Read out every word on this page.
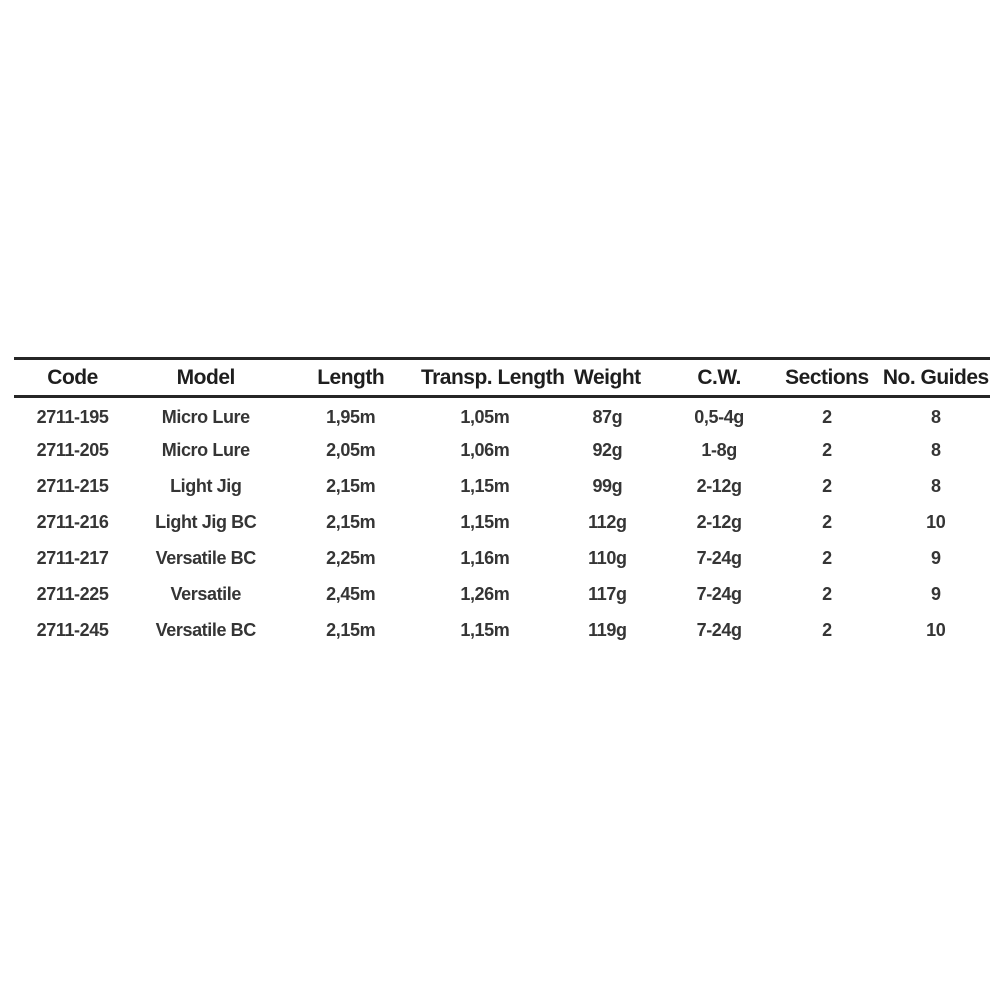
Code	Model	Length	Transp. Length	Weight	C.W.	Sections	No. Guides
2711-195	Micro Lure	1,95m	1,05m	87g	0,5-4g	2	8
2711-205	Micro Lure	2,05m	1,06m	92g	1-8g	2	8
2711-215	Light Jig	2,15m	1,15m	99g	2-12g	2	8
2711-216	Light Jig BC	2,15m	1,15m	112g	2-12g	2	10
2711-217	Versatile BC	2,25m	1,16m	110g	7-24g	2	9
2711-225	Versatile	2,45m	1,26m	117g	7-24g	2	9
2711-245	Versatile BC	2,15m	1,15m	119g	7-24g	2	10
